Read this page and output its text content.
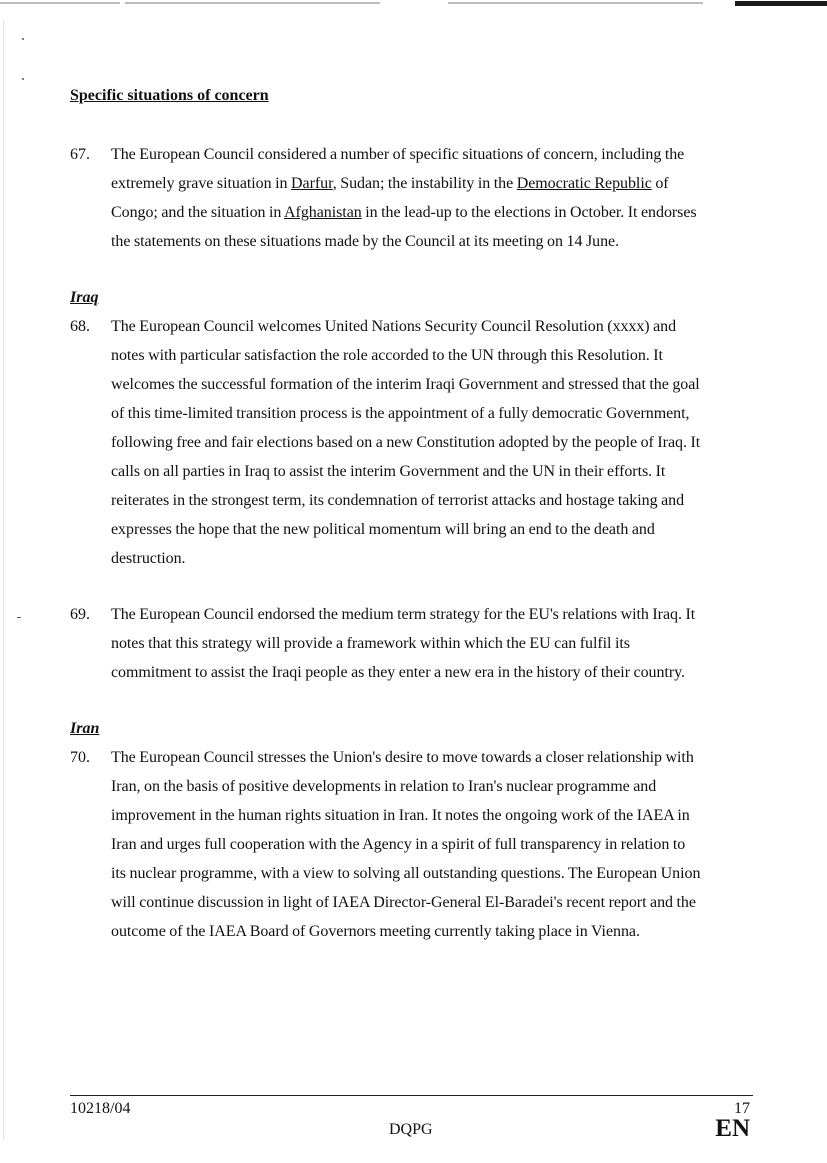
Specific situations of concern
67. The European Council considered a number of specific situations of concern, including the
extremely grave situation in Darfur, Sudan; the instability in the Democratic Republic of
Congo; and the situation in Afghanistan in the lead-up to the elections in October. It endorses
the statements on these situations made by the Council at its meeting on 14 June.
Iraq
68. The European Council welcomes United Nations Security Council Resolution (xxxx) and
notes with particular satisfaction the role accorded to the UN through this Resolution. It
welcomes the successful formation of the interim Iraqi Government and stressed that the goal
of this time-limited transition process is the appointment of a fully democratic Government,
following free and fair elections based on a new Constitution adopted by the people of Iraq. It
calls on all parties in Iraq to assist the interim Government and the UN in their efforts. It
reiterates in the strongest term, its condemnation of terrorist attacks and hostage taking and
expresses the hope that the new political momentum will bring an end to the death and
destruction.
69. The European Council endorsed the medium term strategy for the EU's relations with Iraq. It
notes that this strategy will provide a framework within which the EU can fulfil its
commitment to assist the Iraqi people as they enter a new era in the history of their country.
Iran
70. The European Council stresses the Union's desire to move towards a closer relationship with
Iran, on the basis of positive developments in relation to Iran's nuclear programme and
improvement in the human rights situation in Iran. It notes the ongoing work of the IAEA in
Iran and urges full cooperation with the Agency in a spirit of full transparency in relation to
its nuclear programme, with a view to solving all outstanding questions. The European Union
will continue discussion in light of IAEA Director-General El-Baradei's recent report and the
outcome of the IAEA Board of Governors meeting currently taking place in Vienna.
10218/04	17
DQPG	EN
